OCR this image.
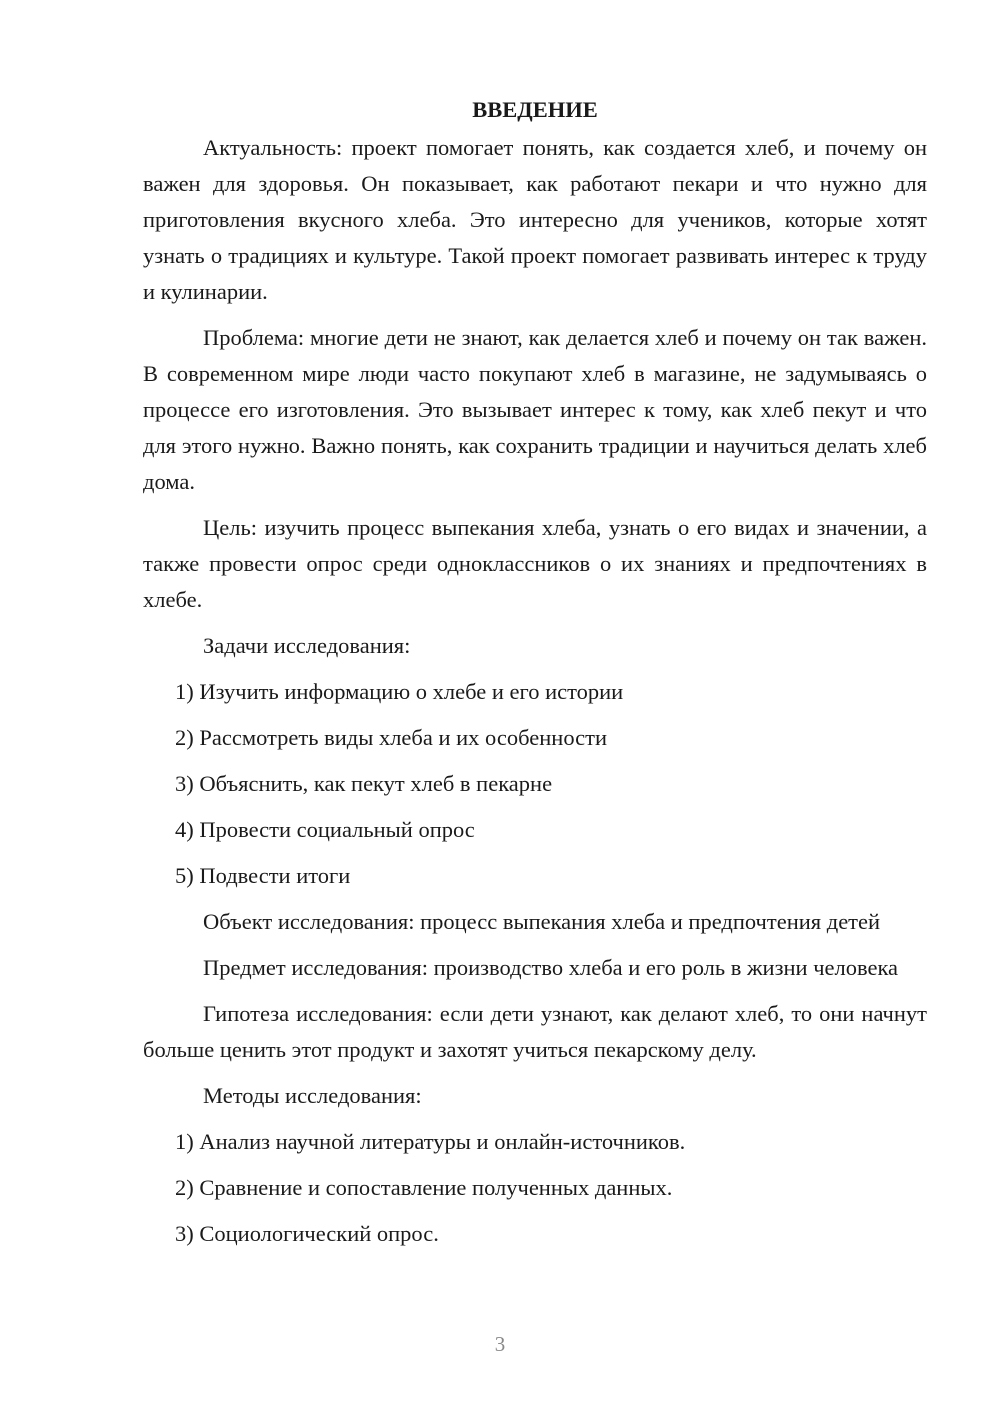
ВВЕДЕНИЕ

Актуальность: проект помогает понять, как создается хлеб, и почему он важен для здоровья. Он показывает, как работают пекари и что нужно для приготовления вкусного хлеба. Это интересно для учеников, которые хотят узнать о традициях и культуре. Такой проект помогает развивать интерес к труду и кулинарии.

Проблема: многие дети не знают, как делается хлеб и почему он так важен. В современном мире люди часто покупают хлеб в магазине, не задумываясь о процессе его изготовления. Это вызывает интерес к тому, как хлеб пекут и что для этого нужно. Важно понять, как сохранить традиции и научиться делать хлеб дома.

Цель: изучить процесс выпекания хлеба, узнать о его видах и значении, а также провести опрос среди одноклассников о их знаниях и предпочтениях в хлебе.

Задачи исследования:

1) Изучить информацию о хлебе и его истории

2) Рассмотреть виды хлеба и их особенности

3) Объяснить, как пекут хлеб в пекарне

4) Провести социальный опрос

5) Подвести итоги

Объект исследования: процесс выпекания хлеба и предпочтения детей

Предмет исследования: производство хлеба и его роль в жизни человека

Гипотеза исследования: если дети узнают, как делают хлеб, то они начнут больше ценить этот продукт и захотят учиться пекарскому делу.

Методы исследования:

1) Анализ научной литературы и онлайн-источников.

2) Сравнение и сопоставление полученных данных.

3) Социологический опрос.

3
